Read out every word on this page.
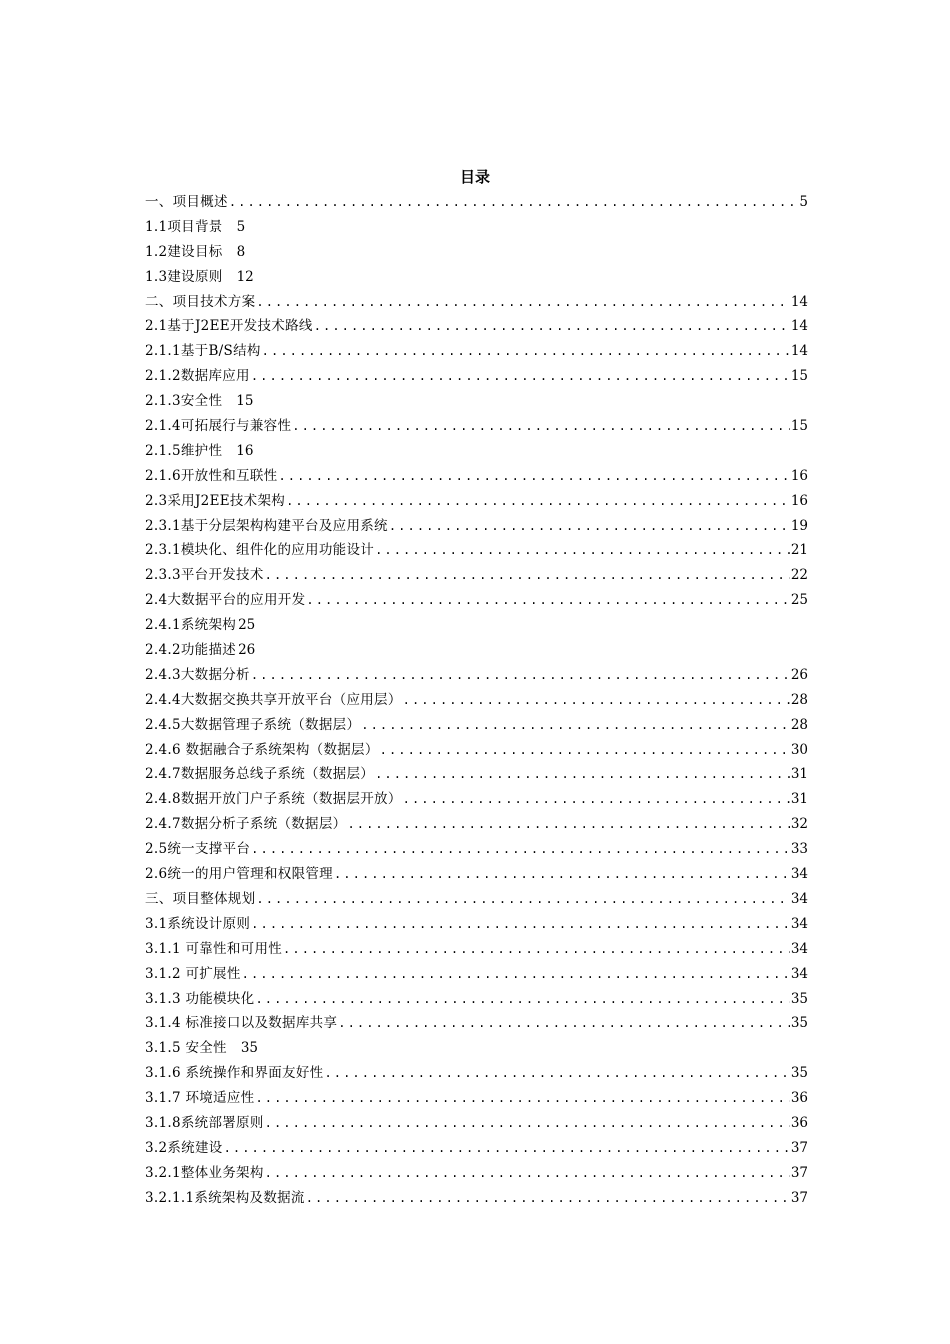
目录
一、项目概述 .....	5
1.1项目背景 5
1.2建设目标 8
1.3建设原则 12
二、项目技术方案 .....	14
2.1基于J2EE开发技术路线 .....	14
2.1.1基于B/S结构 .....	14
2.1.2数据库应用 .....	15
2.1.3安全性 15
2.1.4可拓展行与兼容性 .....	15
2.1.5维护性 16
2.1.6开放性和互联性 .....	16
2.3采用J2EE技术架构 .....	16
2.3.1基于分层架构构建平台及应用系统 .....	19
2.3.1模块化、组件化的应用功能设计 .....	21
2.3.3平台开发技术 .....	22
2.4大数据平台的应用开发 .....	25
2.4.1系统架构 25
2.4.2功能描述 26
2.4.3大数据分析 .....	26
2.4.4大数据交换共享开放平台（应用层） .....	28
2.4.5大数据管理子系统（数据层） .....	28
2.4.6 数据融合子系统架构（数据层） .....	30
2.4.7数据服务总线子系统（数据层） .....	31
2.4.8数据开放门户子系统（数据层开放） .....	31
2.4.7数据分析子系统（数据层） .....	32
2.5统一支撑平台 .....	33
2.6统一的用户管理和权限管理 .....	34
三、项目整体规划 .....	34
3.1系统设计原则 .....	34
3.1.1 可靠性和可用性 .....	34
3.1.2 可扩展性 .....	34
3.1.3 功能模块化 .....	35
3.1.4 标准接口以及数据库共享 .....	35
3.1.5 安全性 35
3.1.6 系统操作和界面友好性 .....	35
3.1.7 环境适应性 .....	36
3.1.8系统部署原则 .....	36
3.2系统建设 .....	37
3.2.1整体业务架构 .....	37
3.2.1.1系统架构及数据流 .....	37
